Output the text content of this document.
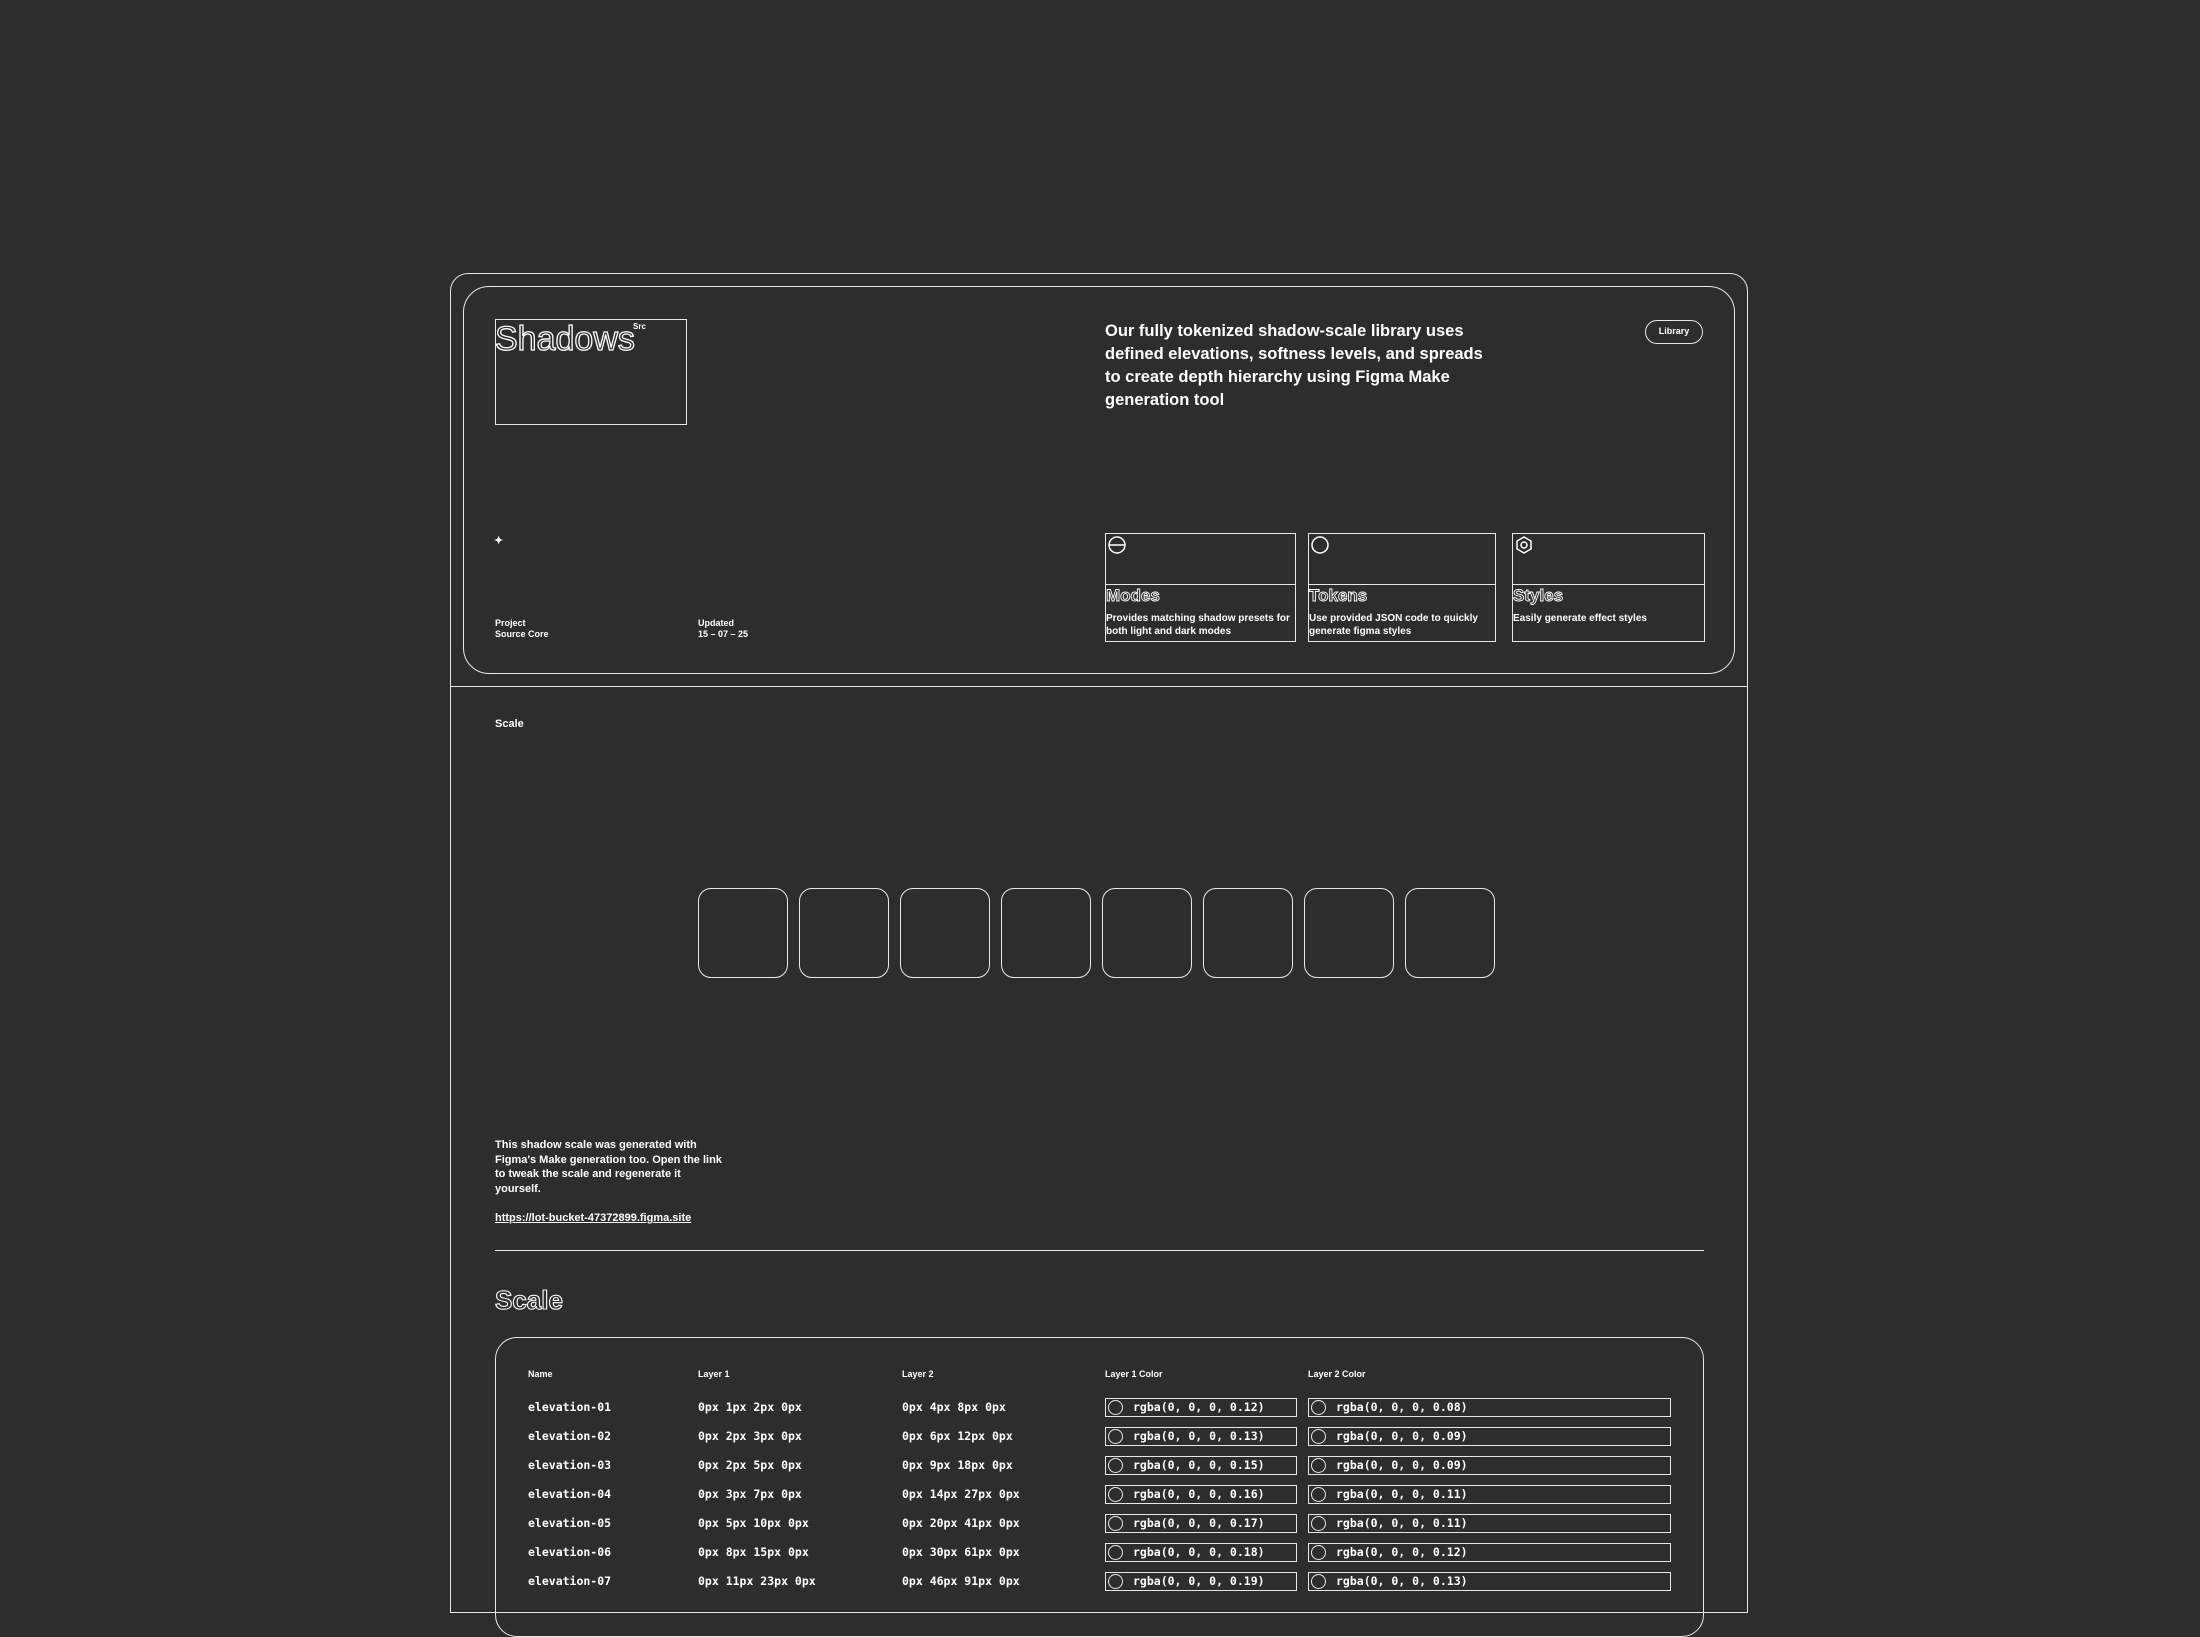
Shadows
Src
✦
Project
Source Core
Updated
15 – 07 – 25
Our fully tokenized shadow-scale library uses defined elevations, softness levels, and spreads to create depth hierarchy using Figma Make generation tool
Library
Modes
Provides matching shadow presets for both light and dark modes
Tokens
Use provided JSON code to quickly generate figma styles
Styles
Easily generate effect styles
Scale
This shadow scale was generated with Figma's Make generation too. Open the link to tweak the scale and regenerate it yourself.
https://lot-bucket-47372899.figma.site
Scale
Name	Layer 1	Layer 2	Layer 1 Color	Layer 2 Color
elevation-01	0px 1px 2px 0px	0px 4px 8px 0px	rgba(0, 0, 0, 0.12)	rgba(0, 0, 0, 0.08)
elevation-02	0px 2px 3px 0px	0px 6px 12px 0px	rgba(0, 0, 0, 0.13)	rgba(0, 0, 0, 0.09)
elevation-03	0px 2px 5px 0px	0px 9px 18px 0px	rgba(0, 0, 0, 0.15)	rgba(0, 0, 0, 0.09)
elevation-04	0px 3px 7px 0px	0px 14px 27px 0px	rgba(0, 0, 0, 0.16)	rgba(0, 0, 0, 0.11)
elevation-05	0px 5px 10px 0px	0px 20px 41px 0px	rgba(0, 0, 0, 0.17)	rgba(0, 0, 0, 0.11)
elevation-06	0px 8px 15px 0px	0px 30px 61px 0px	rgba(0, 0, 0, 0.18)	rgba(0, 0, 0, 0.12)
elevation-07	0px 11px 23px 0px	0px 46px 91px 0px	rgba(0, 0, 0, 0.19)	rgba(0, 0, 0, 0.13)
